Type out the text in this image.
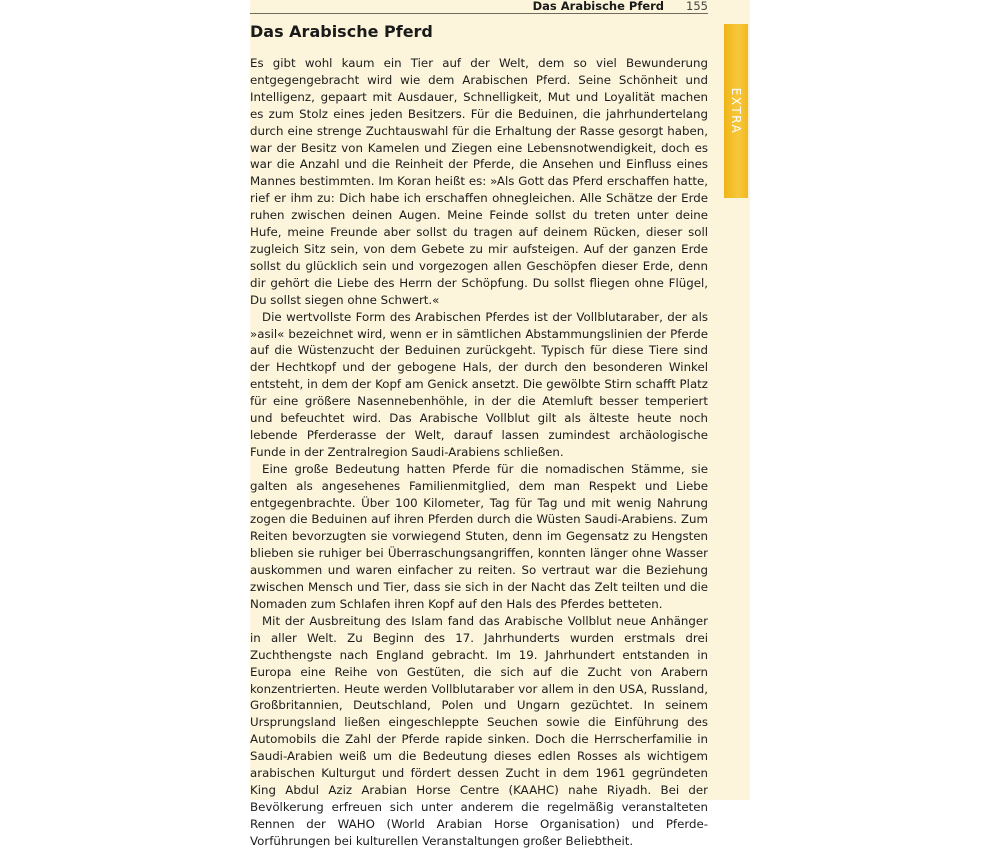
Das Arabische Pferd 155
Das Arabische Pferd

Es gibt wohl kaum ein Tier auf der Welt, dem so viel Bewunderung entgegengebracht wird wie dem Arabischen Pferd. Seine Schönheit und Intelligenz, gepaart mit Ausdauer, Schnelligkeit, Mut und Loyalität machen es zum Stolz eines jeden Besitzers. Für die Beduinen, die jahrhundertelang durch eine strenge Zuchtauswahl für die Erhaltung der Rasse gesorgt haben, war der Besitz von Kamelen und Ziegen eine Lebensnotwendigkeit, doch es war die Anzahl und die Reinheit der Pferde, die Ansehen und Einfluss eines Mannes bestimmten. Im Koran heißt es: »Als Gott das Pferd erschaffen hatte, rief er ihm zu: Dich habe ich erschaffen ohnegleichen. Alle Schätze der Erde ruhen zwischen deinen Augen. Meine Feinde sollst du treten unter deine Hufe, meine Freunde aber sollst du tragen auf deinem Rücken, dieser soll zugleich Sitz sein, von dem Gebete zu mir aufsteigen. Auf der ganzen Erde sollst du glücklich sein und vorgezogen allen Geschöpfen dieser Erde, denn dir gehört die Liebe des Herrn der Schöpfung. Du sollst fliegen ohne Flügel, Du sollst siegen ohne Schwert.«

Die wertvollste Form des Arabischen Pferdes ist der Vollblutaraber, der als »asil« bezeichnet wird, wenn er in sämtlichen Abstammungslinien der Pferde auf die Wüstenzucht der Beduinen zurückgeht. Typisch für diese Tiere sind der Hechtkopf und der gebogene Hals, der durch den besonderen Winkel entsteht, in dem der Kopf am Genick ansetzt. Die gewölbte Stirn schafft Platz für eine größere Nasennebenhöhle, in der die Atemluft besser temperiert und befeuchtet wird. Das Arabische Vollblut gilt als älteste heute noch lebende Pferderasse der Welt, darauf lassen zumindest archäologische Funde in der Zentralregion Saudi-Arabiens schließen.

Eine große Bedeutung hatten Pferde für die nomadischen Stämme, sie galten als angesehenes Familienmitglied, dem man Respekt und Liebe entgegenbrachte. Über 100 Kilometer, Tag für Tag und mit wenig Nahrung zogen die Beduinen auf ihren Pferden durch die Wüsten Saudi-Arabiens. Zum Reiten bevorzugten sie vorwiegend Stuten, denn im Gegensatz zu Hengsten blieben sie ruhiger bei Überraschungsangriffen, konnten länger ohne Wasser auskommen und waren einfacher zu reiten. So vertraut war die Beziehung zwischen Mensch und Tier, dass sie sich in der Nacht das Zelt teilten und die Nomaden zum Schlafen ihren Kopf auf den Hals des Pferdes betteten.

Mit der Ausbreitung des Islam fand das Arabische Vollblut neue Anhänger in aller Welt. Zu Beginn des 17. Jahrhunderts wurden erstmals drei Zuchthengste nach England gebracht. Im 19. Jahrhundert entstanden in Europa eine Reihe von Gestüten, die sich auf die Zucht von Arabern konzentrierten. Heute werden Vollblutaraber vor allem in den USA, Russland, Großbritannien, Deutschland, Polen und Ungarn gezüchtet. In seinem Ursprungsland ließen eingeschleppte Seuchen sowie die Einführung des Automobils die Zahl der Pferde rapide sinken. Doch die Herrscherfamilie in Saudi-Arabien weiß um die Bedeutung dieses edlen Rosses als wichtigem arabischen Kulturgut und fördert dessen Zucht in dem 1961 gegründeten King Abdul Aziz Arabian Horse Centre (KAAHC) nahe Riyadh. Bei der Bevölkerung erfreuen sich unter anderem die regelmäßig veranstalteten Rennen der WAHO (World Arabian Horse Organisation) und Pferde-Vorführungen bei kulturellen Veranstaltungen großer Beliebtheit.

EXTRA
